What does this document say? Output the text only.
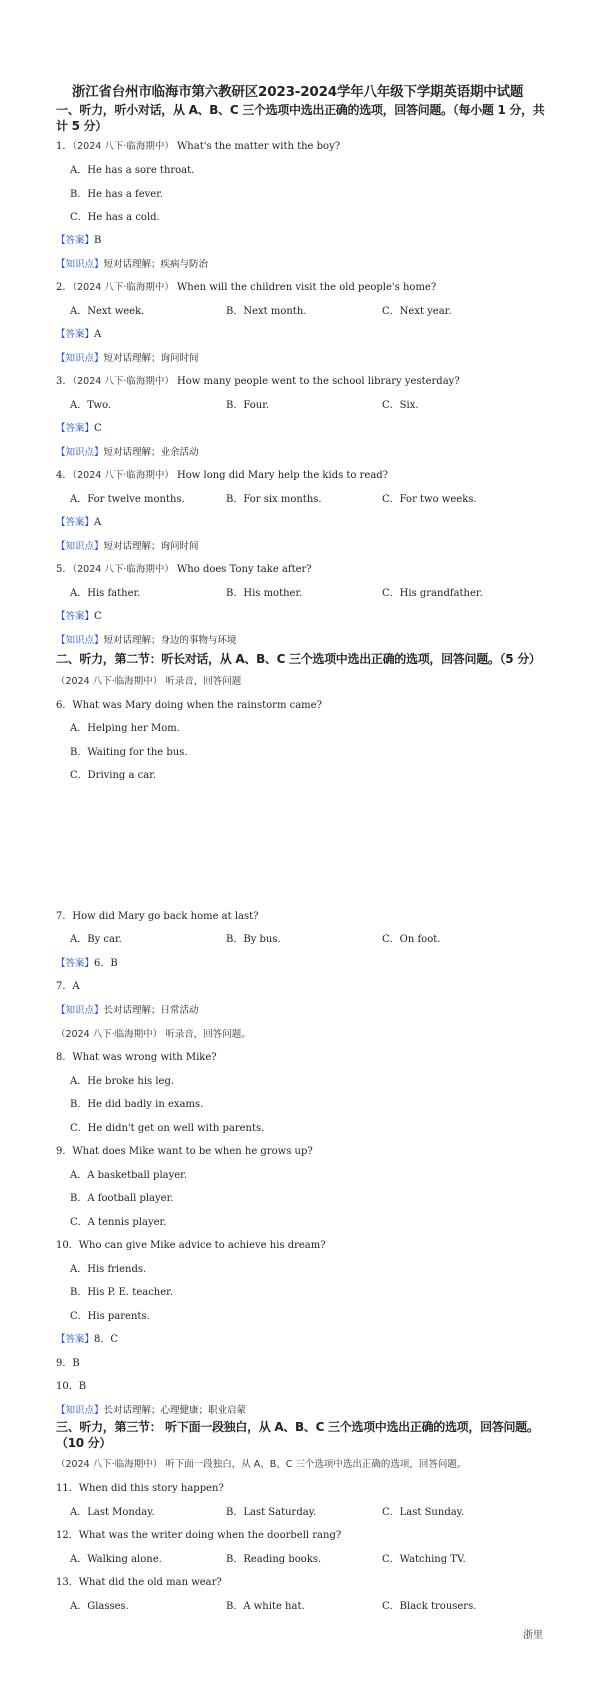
浙江省台州市临海市第六教研区2023-2024学年八年级下学期英语期中试题
一、听力，听小对话，从 A、B、C 三个选项中选出正确的选项，回答问题。（每小题 1 分，共计 5 分）
1．（2024 八下·临海期中） What's the matter with the boy?
A．He has a sore throat.
B．He has a fever.
C．He has a cold.
【答案】B
【知识点】短对话理解；疾病与防治
2．（2024 八下·临海期中） When will the children visit the old people's home?
A．Next week.	B．Next month.	C．Next year.
【答案】A
【知识点】短对话理解；询问时间
3．（2024 八下·临海期中） How many people went to the school library yesterday?
A．Two.	B．Four.	C．Six.
【答案】C
【知识点】短对话理解；业余活动
4．（2024 八下·临海期中） How long did Mary help the kids to read?
A．For twelve months.	B．For six months.	C．For two weeks.
【答案】A
【知识点】短对话理解；询问时间
5．（2024 八下·临海期中） Who does Tony take after?
A．His father.	B．His mother.	C．His grandfather.
【答案】C
【知识点】短对话理解；身边的事物与环境
二、听力，第二节：听长对话，从 A、B、C 三个选项中选出正确的选项，回答问题。（5 分）
（2024 八下·临海期中） 听录音，回答问题
6．What was Mary doing when the rainstorm came?
A．Helping her Mom.
B．Waiting for the bus.
C．Driving a car.
7．How did Mary go back home at last?
A．By car.	B．By bus.	C．On foot.
【答案】6．B
7．A
【知识点】长对话理解；日常活动
（2024 八下·临海期中） 听录音，回答问题。
8．What was wrong with Mike?
A．He broke his leg.
B．He did badly in exams.
C．He didn't get on well with parents.
9．What does Mike want to be when he grows up?
A．A basketball player.
B．A football player.
C．A tennis player.
10．Who can give Mike advice to achieve his dream?
A．His friends.
B．His P. E. teacher.
C．His parents.
【答案】8．C
9．B
10．B
【知识点】长对话理解；心理健康；职业启蒙
三、听力，第三节： 听下面一段独白，从 A、B、C 三个选项中选出正确的选项，回答问题。（10 分）
（2024 八下·临海期中） 听下面一段独白，从 A、B、C 三个选项中选出正确的选项，回答问题。
11．When did this story happen?
A．Last Monday.	B．Last Saturday.	C．Last Sunday.
12．What was the writer doing when the doorbell rang?
A．Walking alone.	B．Reading books.	C．Watching TV.
13．What did the old man wear?
A．Glasses.	B．A white hat.	C．Black trousers.
浙里
